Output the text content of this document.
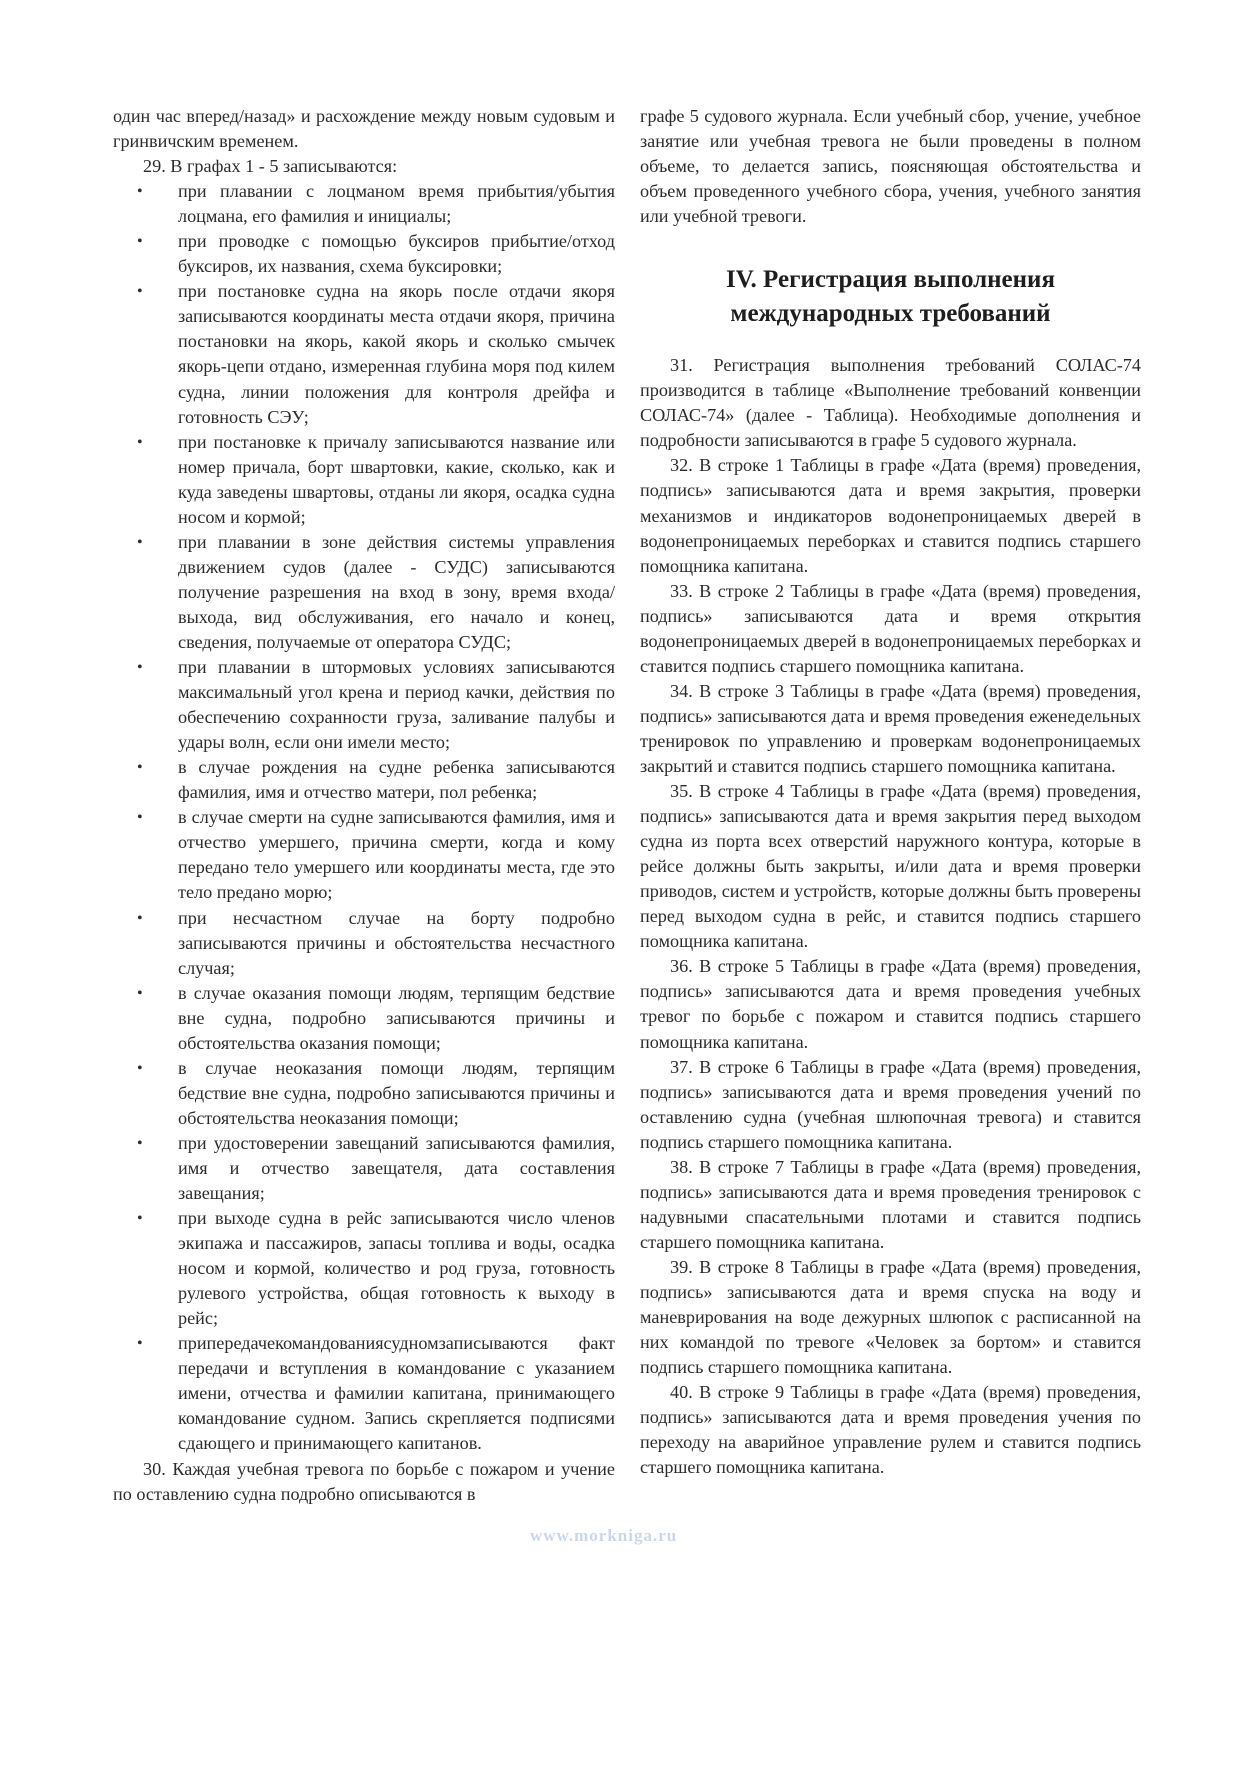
один час вперед/назад» и расхождение между новым судовым и гринвичским временем.

29. В графах 1 - 5 записываются:

• при плавании с лоцманом время прибытия/убытия лоцмана, его фамилия и инициалы;
• при проводке с помощью буксиров прибытие/отход буксиров, их названия, схема буксировки;
• при постановке судна на якорь после отдачи якоря записываются координаты места отдачи якоря, причина постановки на якорь, какой якорь и сколько смычек якорь-цепи отдано, измеренная глубина моря под килем судна, линии положения для контроля дрейфа и готовность СЭУ;
• при постановке к причалу записываются название или номер причала, борт швартовки, какие, сколько, как и куда заведены швартовы, отданы ли якоря, осадка судна носом и кормой;
• при плавании в зоне действия системы управления движением судов (далее - СУДС) записываются получение разрешения на вход в зону, время входа/выхода, вид обслуживания, его начало и конец, сведения, получаемые от оператора СУДС;
• при плавании в штормовых условиях записываются максимальный угол крена и период качки, действия по обеспечению сохранности груза, заливание палубы и удары волн, если они имели место;
• в случае рождения на судне ребенка записываются фамилия, имя и отчество матери, пол ребенка;
• в случае смерти на судне записываются фамилия, имя и отчество умершего, причина смерти, когда и кому передано тело умершего или координаты места, где это тело предано морю;
• при несчастном случае на борту подробно записываются причины и обстоятельства несчастного случая;
• в случае оказания помощи людям, терпящим бедствие вне судна, подробно записываются причины и обстоятельства оказания помощи;
• в случае неоказания помощи людям, терпящим бедствие вне судна, подробно записываются причины и обстоятельства неоказания помощи;
• при удостоверении завещаний записываются фамилия, имя и отчество завещателя, дата составления завещания;
• при выходе судна в рейс записываются число членов экипажа и пассажиров, запасы топлива и воды, осадка носом и кормой, количество и род груза, готовность рулевого устройства, общая готовность к выходу в рейс;
• припередачекомандованиясудномзаписываются факт передачи и вступления в командование с указанием имени, отчества и фамилии капитана, принимающего командование судном. Запись скрепляется подписями сдающего и принимающего капитанов.

30. Каждая учебная тревога по борьбе с пожаром и учение по оставлению судна подробно описываются в

графе 5 судового журнала. Если учебный сбор, учение, учебное занятие или учебная тревога не были проведены в полном объеме, то делается запись, поясняющая обстоятельства и объем проведенного учебного сбора, учения, учебного занятия или учебной тревоги.

IV. Регистрация выполнения
международных требований

31. Регистрация выполнения требований СОЛАС-74 производится в таблице «Выполнение требований конвенции СОЛАС-74» (далее - Таблица). Необходимые дополнения и подробности записываются в графе 5 судового журнала.

32. В строке 1 Таблицы в графе «Дата (время) проведения, подпись» записываются дата и время закрытия, проверки механизмов и индикаторов водонепроницаемых дверей в водонепроницаемых переборках и ставится подпись старшего помощника капитана.

33. В строке 2 Таблицы в графе «Дата (время) проведения, подпись» записываются дата и время открытия водонепроницаемых дверей в водонепроницаемых переборках и ставится подпись старшего помощника капитана.

34. В строке 3 Таблицы в графе «Дата (время) проведения, подпись» записываются дата и время проведения еженедельных тренировок по управлению и проверкам водонепроницаемых закрытий и ставится подпись старшего помощника капитана.

35. В строке 4 Таблицы в графе «Дата (время) проведения, подпись» записываются дата и время закрытия перед выходом судна из порта всех отверстий наружного контура, которые в рейсе должны быть закрыты, и/или дата и время проверки приводов, систем и устройств, которые должны быть проверены перед выходом судна в рейс, и ставится подпись старшего помощника капитана.

36. В строке 5 Таблицы в графе «Дата (время) проведения, подпись» записываются дата и время проведения учебных тревог по борьбе с пожаром и ставится подпись старшего помощника капитана.

37. В строке 6 Таблицы в графе «Дата (время) проведения, подпись» записываются дата и время проведения учений по оставлению судна (учебная шлюпочная тревога) и ставится подпись старшего помощника капитана.

38. В строке 7 Таблицы в графе «Дата (время) проведения, подпись» записываются дата и время проведения тренировок с надувными спасательными плотами и ставится подпись старшего помощника капитана.

39. В строке 8 Таблицы в графе «Дата (время) проведения, подпись» записываются дата и время спуска на воду и маневрирования на воде дежурных шлюпок с расписанной на них командой по тревоге «Человек за бортом» и ставится подпись старшего помощника капитана.

40. В строке 9 Таблицы в графе «Дата (время) проведения, подпись» записываются дата и время проведения учения по переходу на аварийное управление рулем и ставится подпись старшего помощника капитана.

www.morkniga.ru
